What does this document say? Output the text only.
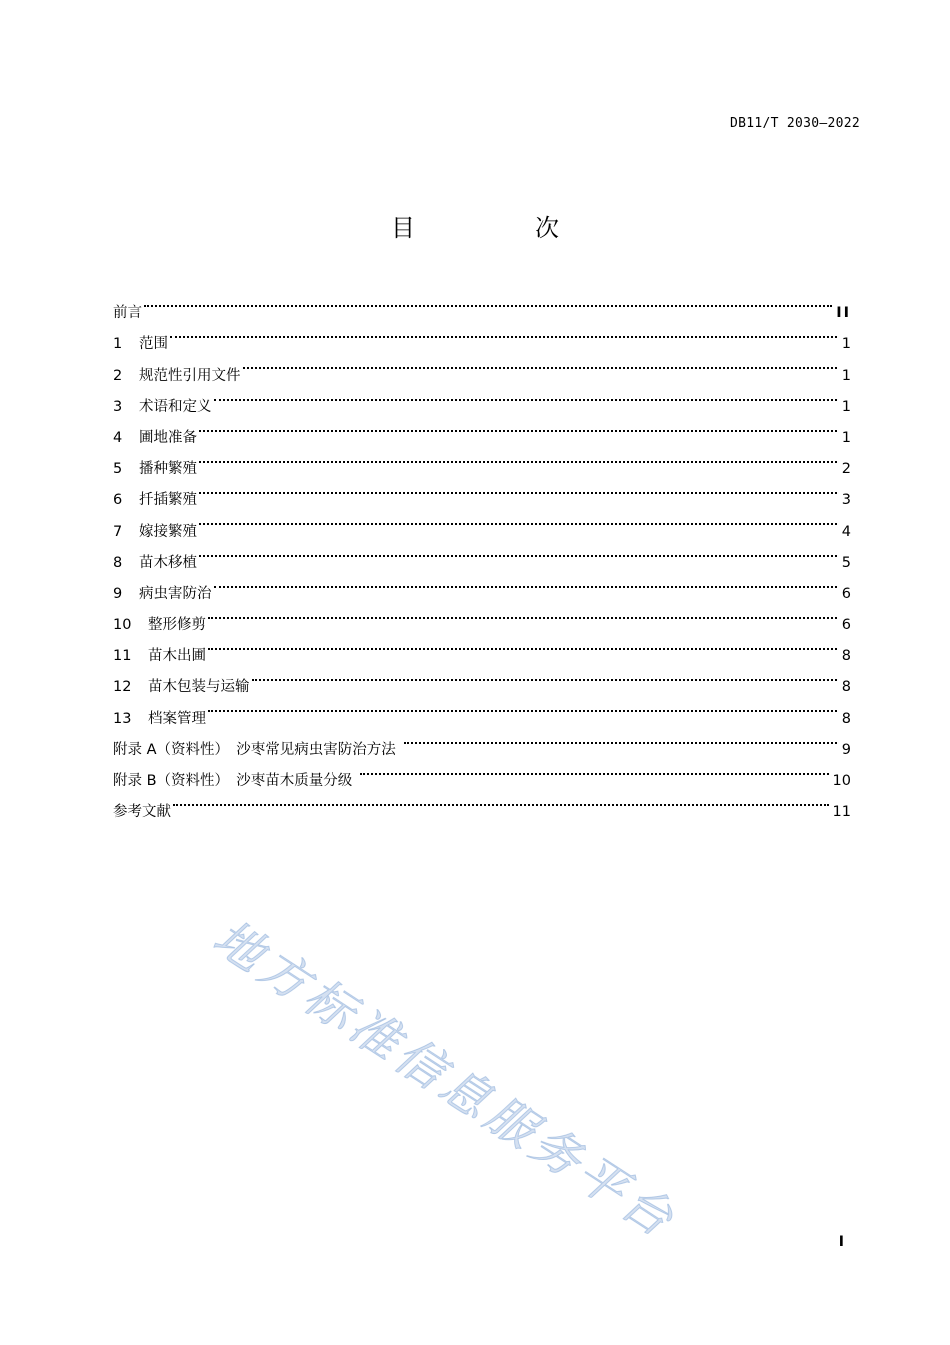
DB11/T 2030—2022
目　次
前言	II
1	范围	1
2	规范性引用文件	1
3	术语和定义	1
4	圃地准备	1
5	播种繁殖	2
6	扦插繁殖	3
7	嫁接繁殖	4
8	苗木移植	5
9	病虫害防治	6
10	整形修剪	6
11	苗木出圃	8
12	苗木包装与运输	8
13	档案管理	8
附录 A（资料性）　沙枣常见病虫害防治方法	9
附录 B（资料性）　沙枣苗木质量分级	10
参考文献	11
地方标准信息服务平台	I
